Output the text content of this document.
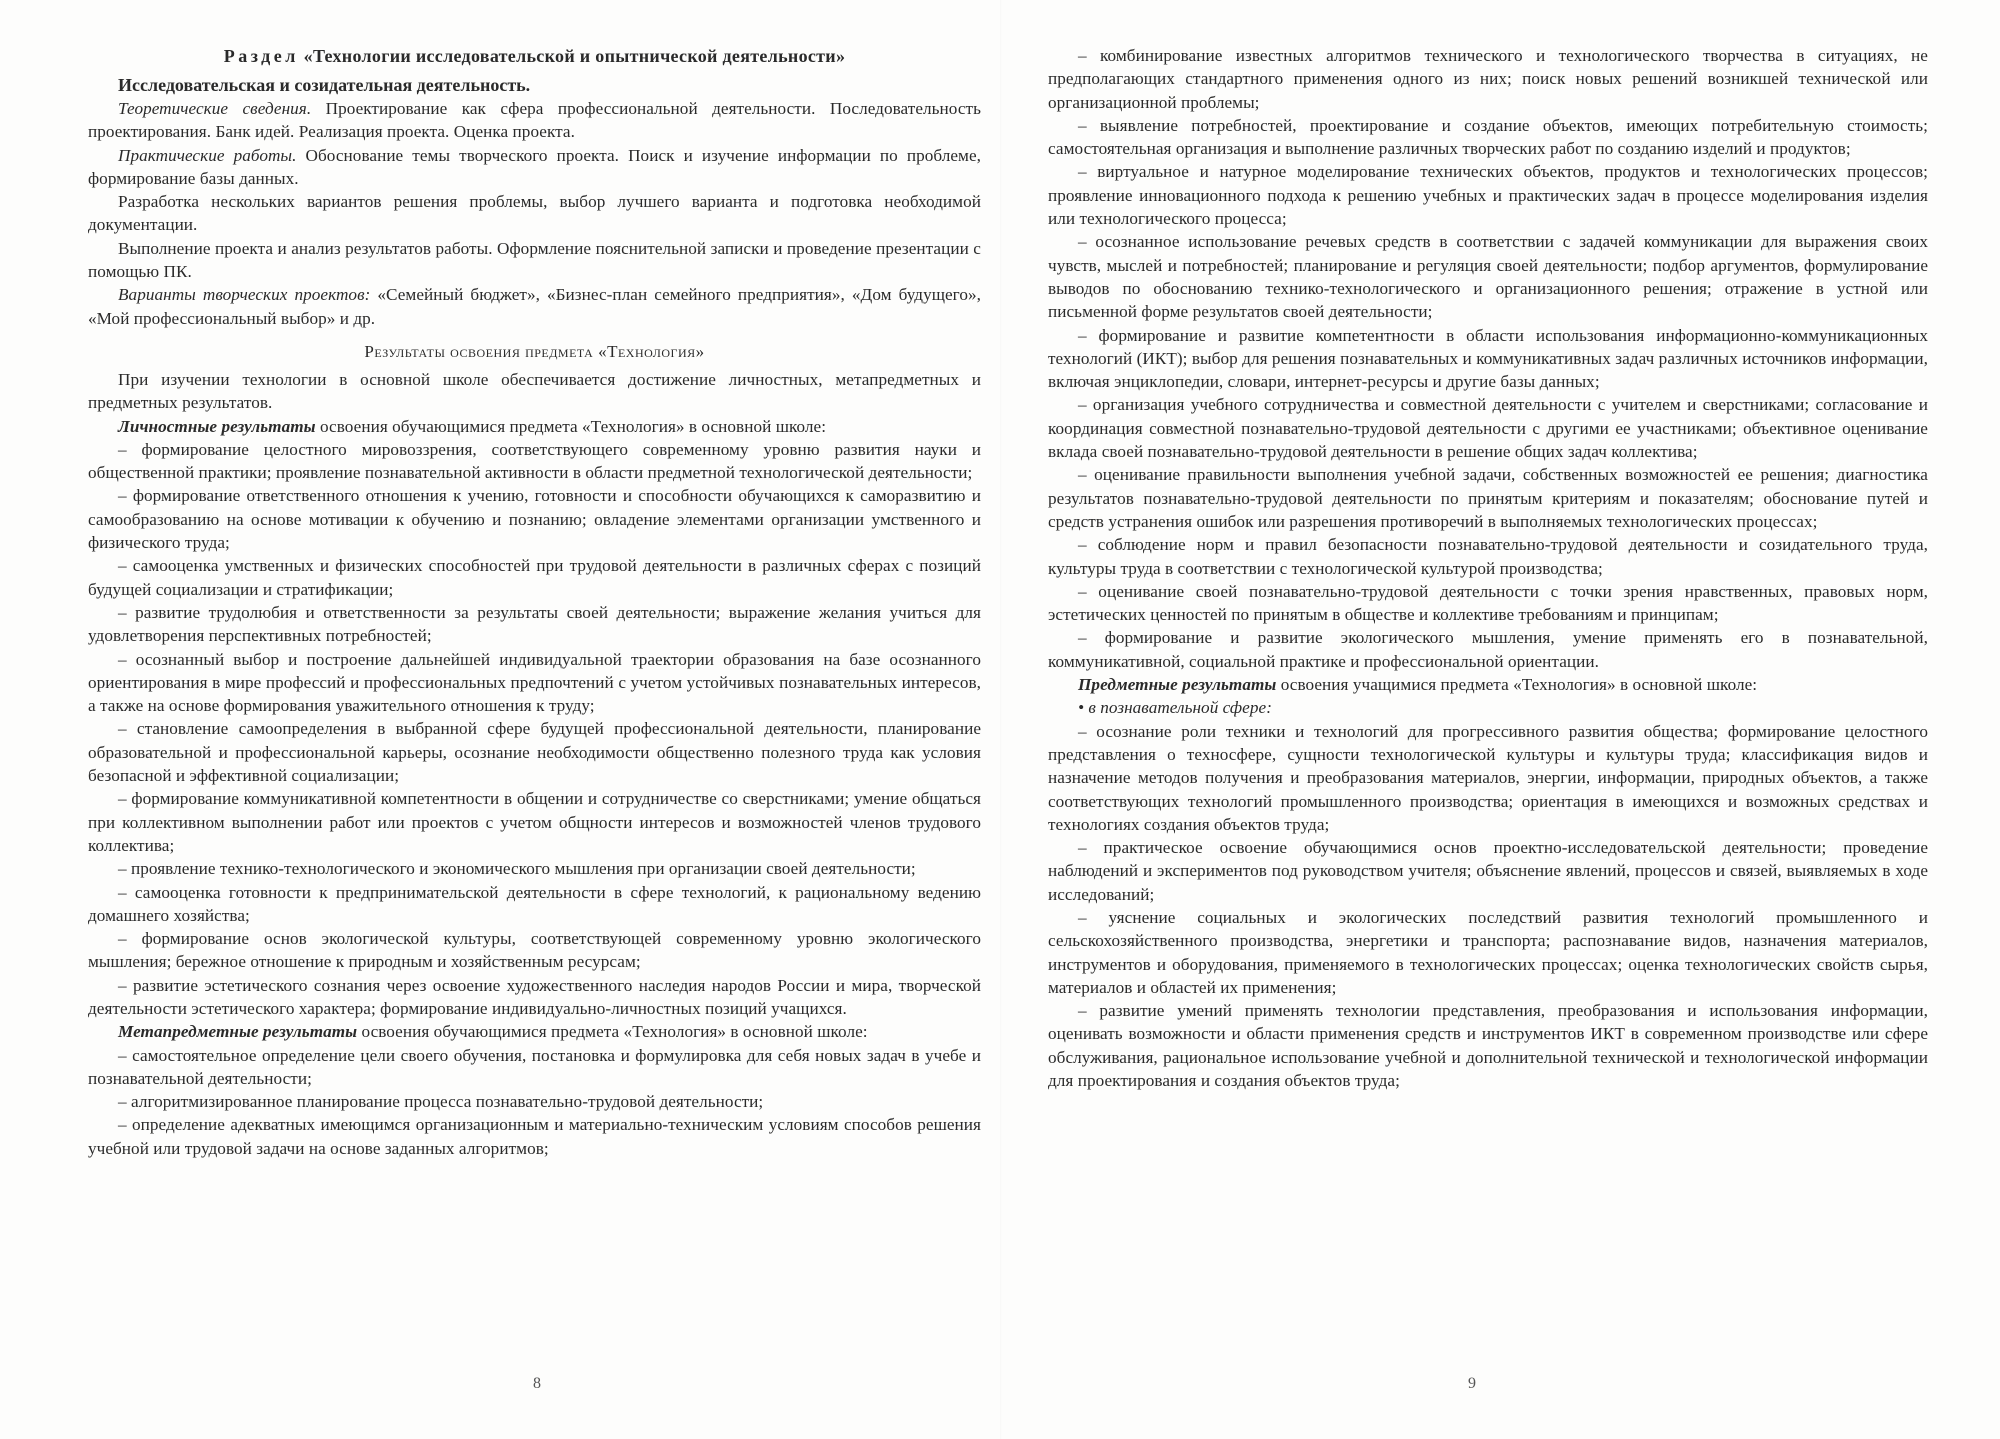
Раздел «Технологии исследовательской и опытнической деятельности»

Исследовательская и созидательная деятельность.

Теоретические сведения. Проектирование как сфера профессиональной деятельности. Последовательность проектирования. Банк идей. Реализация проекта. Оценка проекта.

Практические работы. Обоснование темы творческого проекта. Поиск и изучение информации по проблеме, формирование базы данных.

Разработка нескольких вариантов решения проблемы, выбор лучшего варианта и подготовка необходимой документации.

Выполнение проекта и анализ результатов работы. Оформление пояснительной записки и проведение презентации с помощью ПК.

Варианты творческих проектов: «Семейный бюджет», «Бизнес-план семейного предприятия», «Дом будущего», «Мой профессиональный выбор» и др.

Результаты освоения предмета «Технология»

При изучении технологии в основной школе обеспечивается достижение личностных, метапредметных и предметных результатов.

Личностные результаты освоения обучающимися предмета «Технология» в основной школе:

– формирование целостного мировоззрения, соответствующего современному уровню развития науки и общественной практики; проявление познавательной активности в области предметной технологической деятельности;

– формирование ответственного отношения к учению, готовности и способности обучающихся к саморазвитию и самообразованию на основе мотивации к обучению и познанию; овладение элементами организации умственного и физического труда;

– самооценка умственных и физических способностей при трудовой деятельности в различных сферах с позиций будущей социализации и стратификации;

– развитие трудолюбия и ответственности за результаты своей деятельности; выражение желания учиться для удовлетворения перспективных потребностей;

– осознанный выбор и построение дальнейшей индивидуальной траектории образования на базе осознанного ориентирования в мире профессий и профессиональных предпочтений с учетом устойчивых познавательных интересов, а также на основе формирования уважительного отношения к труду;

– становление самоопределения в выбранной сфере будущей профессиональной деятельности, планирование образовательной и профессиональной карьеры, осознание необходимости общественно полезного труда как условия безопасной и эффективной социализации;

– формирование коммуникативной компетентности в общении и сотрудничестве со сверстниками; умение общаться при коллективном выполнении работ или проектов с учетом общности интересов и возможностей членов трудового коллектива;

– проявление технико-технологического и экономического мышления при организации своей деятельности;

– самооценка готовности к предпринимательской деятельности в сфере технологий, к рациональному ведению домашнего хозяйства;

– формирование основ экологической культуры, соответствующей современному уровню экологического мышления; бережное отношение к природным и хозяйственным ресурсам;

– развитие эстетического сознания через освоение художественного наследия народов России и мира, творческой деятельности эстетического характера; формирование индивидуально-личностных позиций учащихся.

Метапредметные результаты освоения обучающимися предмета «Технология» в основной школе:

– самостоятельное определение цели своего обучения, постановка и формулировка для себя новых задач в учебе и познавательной деятельности;

– алгоритмизированное планирование процесса познавательно-трудовой деятельности;

– определение адекватных имеющимся организационным и материально-техническим условиям способов решения учебной или трудовой задачи на основе заданных алгоритмов;

8

– комбинирование известных алгоритмов технического и технологического творчества в ситуациях, не предполагающих стандартного применения одного из них; поиск новых решений возникшей технической или организационной проблемы;

– выявление потребностей, проектирование и создание объектов, имеющих потребительную стоимость; самостоятельная организация и выполнение различных творческих работ по созданию изделий и продуктов;

– виртуальное и натурное моделирование технических объектов, продуктов и технологических процессов; проявление инновационного подхода к решению учебных и практических задач в процессе моделирования изделия или технологического процесса;

– осознанное использование речевых средств в соответствии с задачей коммуникации для выражения своих чувств, мыслей и потребностей; планирование и регуляция своей деятельности; подбор аргументов, формулирование выводов по обоснованию технико-технологического и организационного решения; отражение в устной или письменной форме результатов своей деятельности;

– формирование и развитие компетентности в области использования информационно-коммуникационных технологий (ИКТ); выбор для решения познавательных и коммуникативных задач различных источников информации, включая энциклопедии, словари, интернет-ресурсы и другие базы данных;

– организация учебного сотрудничества и совместной деятельности с учителем и сверстниками; согласование и координация совместной познавательно-трудовой деятельности с другими ее участниками; объективное оценивание вклада своей познавательно-трудовой деятельности в решение общих задач коллектива;

– оценивание правильности выполнения учебной задачи, собственных возможностей ее решения; диагностика результатов познавательно-трудовой деятельности по принятым критериям и показателям; обоснование путей и средств устранения ошибок или разрешения противоречий в выполняемых технологических процессах;

– соблюдение норм и правил безопасности познавательно-трудовой деятельности и созидательного труда, культуры труда в соответствии с технологической культурой производства;

– оценивание своей познавательно-трудовой деятельности с точки зрения нравственных, правовых норм, эстетических ценностей по принятым в обществе и коллективе требованиям и принципам;

– формирование и развитие экологического мышления, умение применять его в познавательной, коммуникативной, социальной практике и профессиональной ориентации.

Предметные результаты освоения учащимися предмета «Технология» в основной школе:

• в познавательной сфере:

– осознание роли техники и технологий для прогрессивного развития общества; формирование целостного представления о техносфере, сущности технологической культуры и культуры труда; классификация видов и назначение методов получения и преобразования материалов, энергии, информации, природных объектов, а также соответствующих технологий промышленного производства; ориентация в имеющихся и возможных средствах и технологиях создания объектов труда;

– практическое освоение обучающимися основ проектно-исследовательской деятельности; проведение наблюдений и экспериментов под руководством учителя; объяснение явлений, процессов и связей, выявляемых в ходе исследований;

– уяснение социальных и экологических последствий развития технологий промышленного и сельскохозяйственного производства, энергетики и транспорта; распознавание видов, назначения материалов, инструментов и оборудования, применяемого в технологических процессах; оценка технологических свойств сырья, материалов и областей их применения;

– развитие умений применять технологии представления, преобразования и использования информации, оценивать возможности и области применения средств и инструментов ИКТ в современном производстве или сфере обслуживания, рациональное использование учебной и дополнительной технической и технологической информации для проектирования и создания объектов труда;

9
